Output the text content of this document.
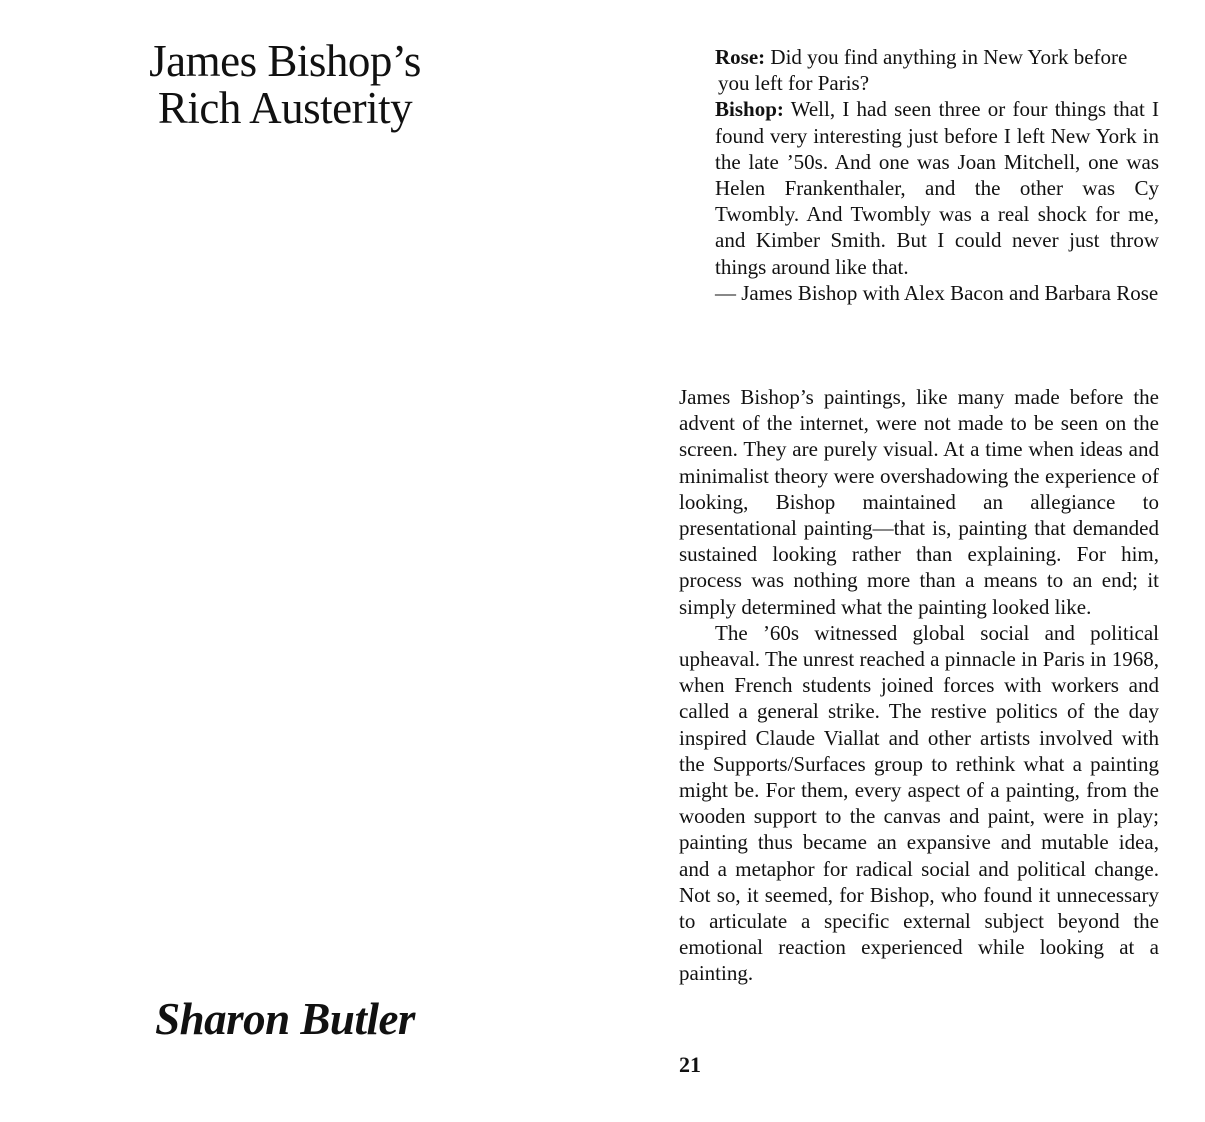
James Bishop’s
Rich Austerity
Sharon Butler

Rose: Did you find anything in New York before
you left for Paris?

Bishop: Well, I had seen three or four things that I found very interesting just before I left New York in the late ’50s. And one was Joan Mitchell, one was Helen Frankenthaler, and the other was Cy Twombly. And Twombly was a real shock for me, and Kimber Smith. But I could never just throw things around like that.

— James Bishop with Alex Bacon and Barbara Rose

James Bishop’s paintings, like many made before the advent of the internet, were not made to be seen on the screen. They are purely visual. At a time when ideas and minimalist theory were overshadowing the experience of looking, Bishop maintained an allegiance to presentational painting—that is, painting that demanded sustained looking rather than explaining. For him, process was nothing more than a means to an end; it simply determined what the painting looked like.

The ’60s witnessed global social and political upheaval. The unrest reached a pinnacle in Paris in 1968, when French students joined forces with workers and called a general strike. The restive politics of the day inspired Claude Viallat and other artists involved with the Supports/Surfaces group to rethink what a painting might be. For them, every aspect of a painting, from the wooden support to the canvas and paint, were in play; painting thus became an expansive and mutable idea, and a metaphor for radical social and political change. Not so, it seemed, for Bishop, who found it unnecessary to articulate a specific external subject beyond the emotional reaction experienced while looking at a painting.

21
